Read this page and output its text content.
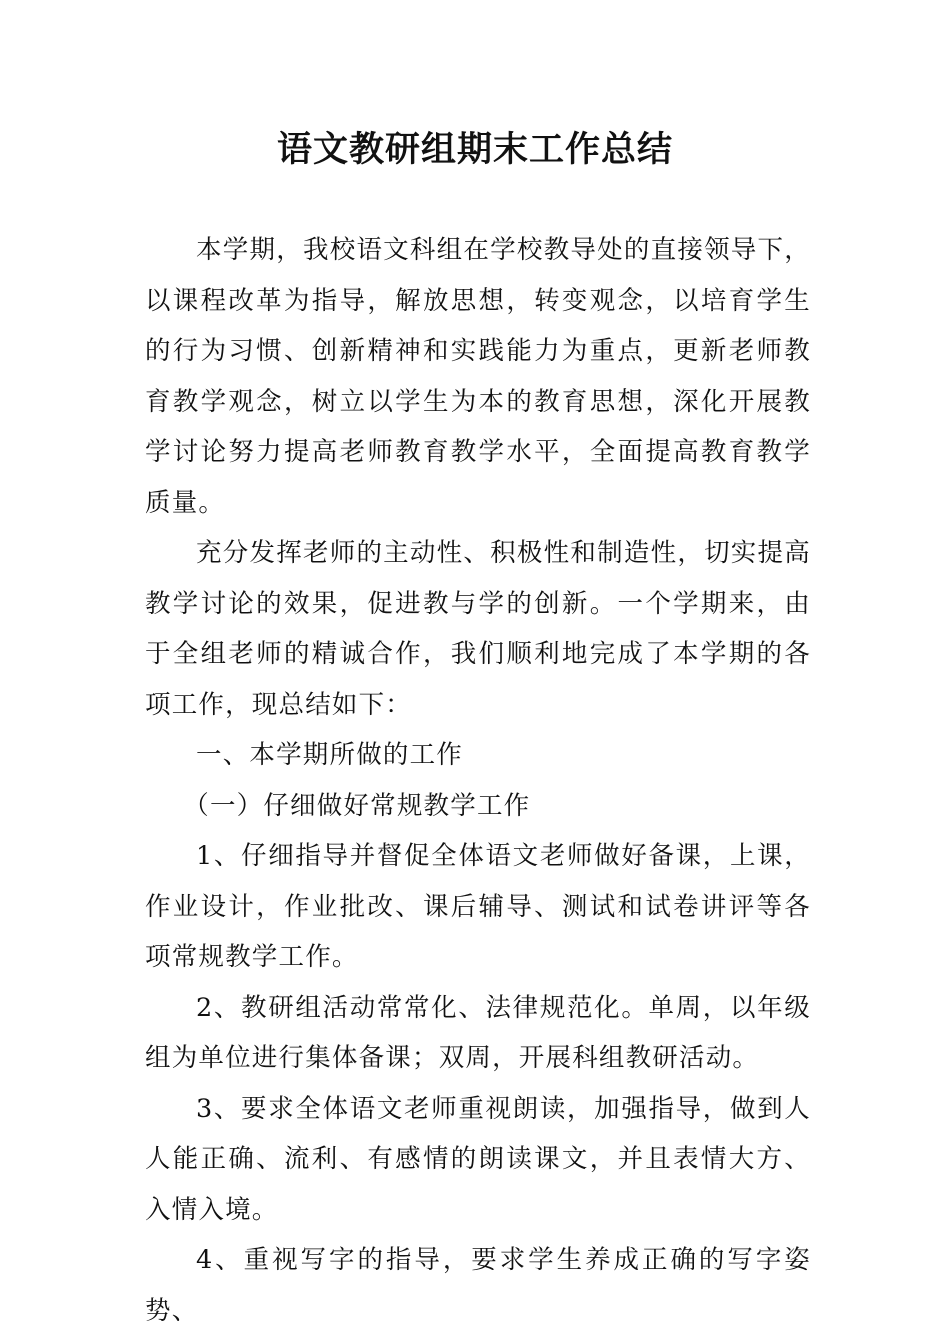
语文教研组期末工作总结

本学期，我校语文科组在学校教导处的直接领导下，以课程改革为指导，解放思想，转变观念，以培育学生的行为习惯、创新精神和实践能力为重点，更新老师教育教学观念，树立以学生为本的教育思想，深化开展教学讨论努力提高老师教育教学水平，全面提高教育教学质量。

充分发挥老师的主动性、积极性和制造性，切实提高教学讨论的效果，促进教与学的创新。一个学期来，由于全组老师的精诚合作，我们顺利地完成了本学期的各项工作，现总结如下：

一、本学期所做的工作

（一）仔细做好常规教学工作

1、仔细指导并督促全体语文老师做好备课，上课，作业设计，作业批改、课后辅导、测试和试卷讲评等各项常规教学工作。

2、教研组活动常常化、法律规范化。单周，以年级组为单位进行集体备课；双周，开展科组教研活动。

3、要求全体语文老师重视朗读，加强指导，做到人人能正确、流利、有感情的朗读课文，并且表情大方、入情入境。

4、重视写字的指导，要求学生养成正确的写字姿势、
